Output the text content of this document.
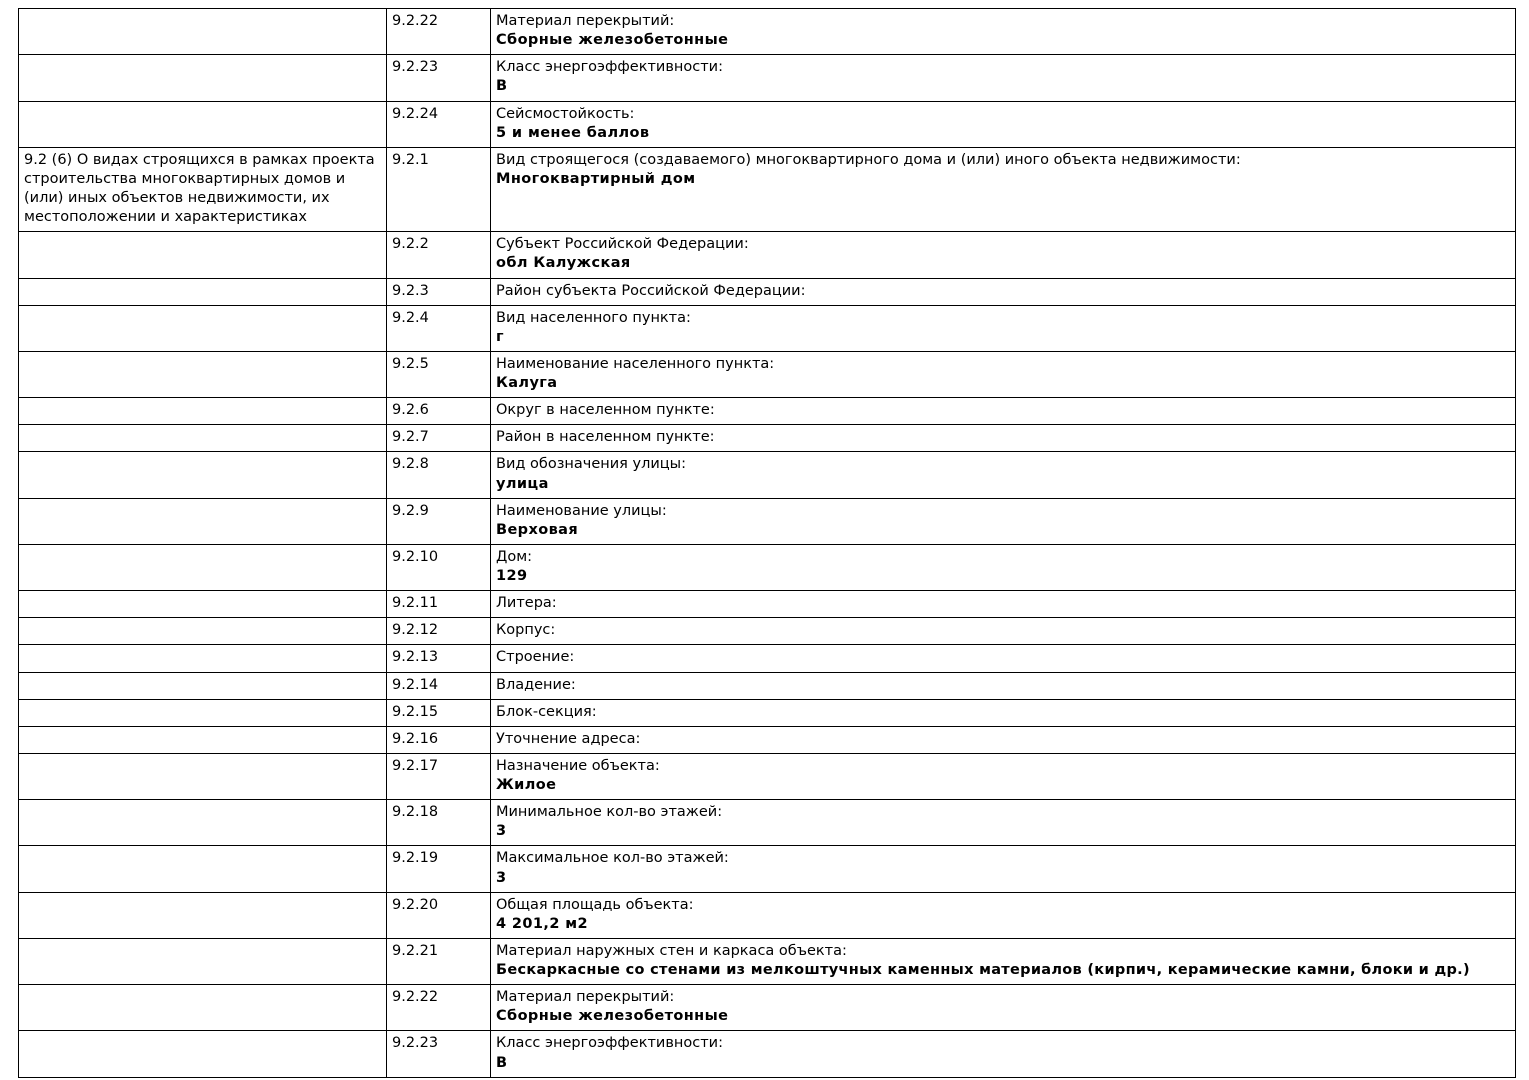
	9.2.22	Материал перекрытий:
Сборные железобетонные
	9.2.23	Класс энергоэффективности:
B
	9.2.24	Сейсмостойкость:
5 и менее баллов
9.2 (6) О видах строящихся в рамках проекта строительства многоквартирных домов и (или) иных объектов недвижимости, их местоположении и характеристиках	9.2.1	Вид строящегося (создаваемого) многоквартирного дома и (или) иного объекта недвижимости:
Многоквартирный дом
	9.2.2	Субъект Российской Федерации:
обл Калужская
	9.2.3	Район субъекта Российской Федерации:
	9.2.4	Вид населенного пункта:
г
	9.2.5	Наименование населенного пункта:
Калуга
	9.2.6	Округ в населенном пункте:
	9.2.7	Район в населенном пункте:
	9.2.8	Вид обозначения улицы:
улица
	9.2.9	Наименование улицы:
Верховая
	9.2.10	Дом:
129
	9.2.11	Литера:
	9.2.12	Корпус:
	9.2.13	Строение:
	9.2.14	Владение:
	9.2.15	Блок-секция:
	9.2.16	Уточнение адреса:
	9.2.17	Назначение объекта:
Жилое
	9.2.18	Минимальное кол-во этажей:
3
	9.2.19	Максимальное кол-во этажей:
3
	9.2.20	Общая площадь объекта:
4 201,2 м2
	9.2.21	Материал наружных стен и каркаса объекта:
Бескаркасные со стенами из мелкоштучных каменных материалов (кирпич, керамические камни, блоки и др.)
	9.2.22	Материал перекрытий:
Сборные железобетонные
	9.2.23	Класс энергоэффективности:
B
